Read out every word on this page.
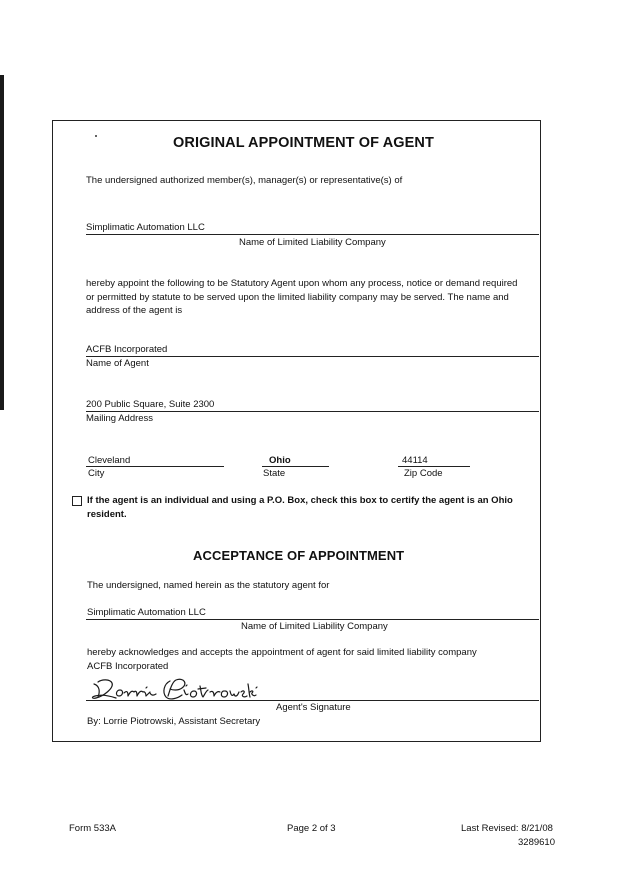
ORIGINAL APPOINTMENT OF AGENT
The undersigned authorized member(s), manager(s) or representative(s) of
Simplimatic Automation LLC
Name of Limited Liability Company
hereby appoint the following to be Statutory Agent upon whom any process, notice or demand required or permitted by statute to be served upon the limited liability company may be served. The name and address of the agent is
ACFB Incorporated
Name of Agent
200 Public Square, Suite 2300
Mailing Address
Cleveland
City
Ohio
State
44114
Zip Code
If the agent is an individual and using a P.O. Box, check this box to certify the agent is an Ohio resident.
ACCEPTANCE OF APPOINTMENT
The undersigned, named herein as the statutory agent for
Simplimatic Automation LLC
Name of Limited Liability Company
hereby acknowledges and accepts the appointment of agent for said limited liability company
ACFB Incorporated
Agent's Signature
By: Lorrie Piotrowski, Assistant Secretary
Form 533A	Page 2 of 3	Last Revised: 8/21/08
3289610
